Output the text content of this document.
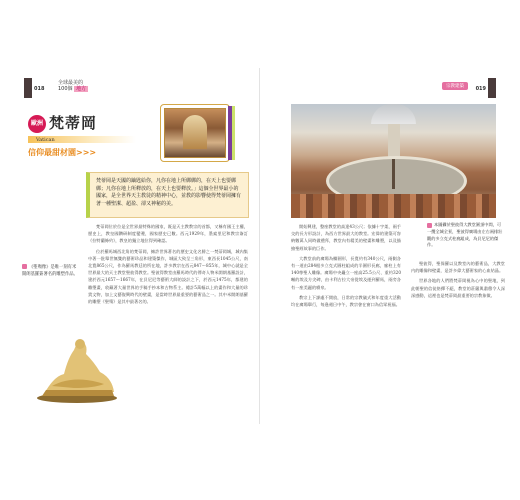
018
全球最美的
100個 地方
歐洲 梵蒂岡
Vatican
信仰最甜材園>>>

梵蒂岡是天國的鑰匙給你，凡你在地上所綁綁的，在天上也要綁綁；凡你在地上所釋放的，在天上也要釋放。」這個全世界最小的國家，是全世界天主教徒的精神中心，並教的影響使得梵蒂岡擁有著一種聖潔、超盈、卻又神秘的美。

《聖殤像》是唯一刻有米開朗基羅簽署名的雕塑作品。

梵蒂岡位於位是全世界最特殊的國家，既是天主教教宗的首都，又稱有國王主權，歷史上，教皇國鑽研制度變遷，國家歷史已數。西元1929年，墨索里尼和教宗簽訂《拉特蘭條約》，教皇的獨立地位得到確認。

位於羅馬城西北角的梵蒂岡，擁許世界著名的歷史文化名勝之一梵蒂岡城，城內集中著一批舉世無雙的藝術珍品和建築傑作，城區大致呈三角形，東西長1045公尺，南北寬865公尺，作為羅馬教廷的所在地，許多教宗在西元847～855年，城中心就是全世界最大的天主教堂聖彼得教堂。聖彼得教堂由羅馬時代的傳奇人物米開朗基羅設計，建於西元1657～1667年，在貝尼尼等藝術大師的設計之下，於西元1475年，都建的雕塑畫，收藏著大量世界的手稿手抄本和古物系主。總計5萬幅以上的畫作和大量的珍貴文物，加上文藝復興時代的壁畫，是當時世界最重要的藝術品之一。其中米開朗基羅的雕塑《聖殤》是其中最著名的。

019
宗教建築

開始興建，整座教堂的高達43公尺；依據十字架、兩手交的長方形設計，為西方世界最大的教堂。宏偉的建築可容納數萬人同時做禮拜，教堂內有精美的壁畫和雕塑，以及描繪聖經故事的巨作。

大教堂前的廣場為橢圓形，長寬約有340公尺，兩側各有一道由284根多立克式圓柱組成的半圓形長廊，廊柱上有140尊聖人雕像。廣場中央矗立一座高25.5公尺、重約320噸的埃及方尖碑，由卡利古拉大帝從埃及運到羅馬，兩旁各有一座美麗的噴泉。

教宗上下課處不開放，日常的宗教儀式和年度重大活動均在廣場舉行，每逢週日中午，教宗會在窗口為信眾祝福。

本圖攝於聖彼得大教堂圓頂中間，可一攬全城全景，聖彼得廣場由左右兩排壯觀的多立克式柱廊組成，為貝尼尼的傑作。

聖彼得，聖保羅以及教堂內的藝術品，大教堂内的雕像和壁畫，是許多偉大藝術家的心血結晶。

世界各地的人們將梵蒂岡視為心中的聖地，到此朝聖的信徒絡繹不絕，教堂的莊嚴與肅穆令人深深感動，這裡也是梵蒂岡最重要的宗教象徵。
